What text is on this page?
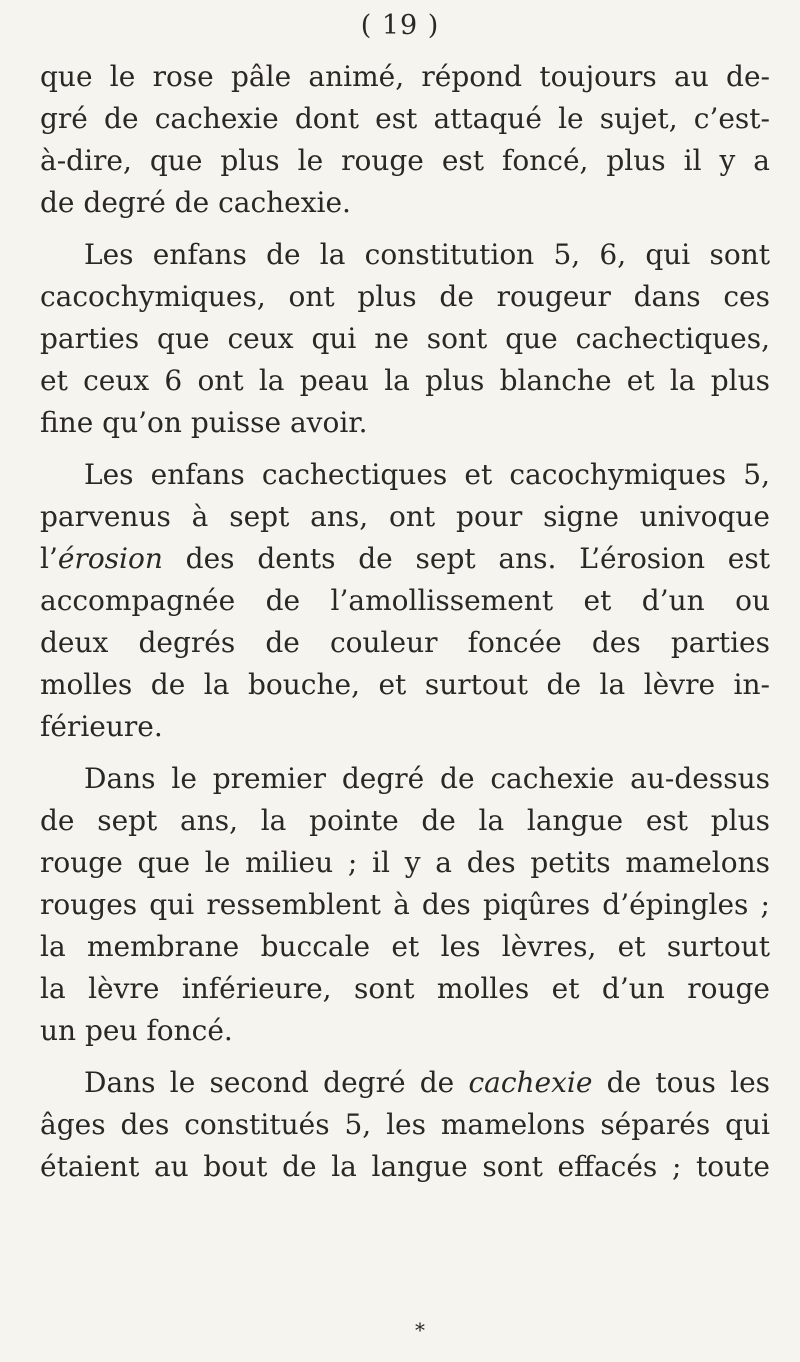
( 19 )
que le rose pâle animé, répond toujours au de-
gré de cachexie dont est attaqué le sujet, c’est-
à-dire, que plus le rouge est foncé, plus il y a
de degré de cachexie.
Les enfans de la constitution 5, 6, qui sont
cacochymiques, ont plus de rougeur dans ces
parties que ceux qui ne sont que cachectiques,
et ceux 6 ont la peau la plus blanche et la plus
fine qu’on puisse avoir.
Les enfans cachectiques et cacochymiques 5,
parvenus à sept ans, ont pour signe univoque
l’érosion des dents de sept ans. L’érosion est
accompagnée de l’amollissement et d’un ou
deux degrés de couleur foncée des parties
molles de la bouche, et surtout de la lèvre in-
férieure.
Dans le premier degré de cachexie au-dessus
de sept ans, la pointe de la langue est plus
rouge que le milieu ; il y a des petits mamelons
rouges qui ressemblent à des piqûres d’épingles ;
la membrane buccale et les lèvres, et surtout
la lèvre inférieure, sont molles et d’un rouge
un peu foncé.
Dans le second degré de cachexie de tous les
âges des constitués 5, les mamelons séparés qui
étaient au bout de la langue sont effacés ; toute
*
